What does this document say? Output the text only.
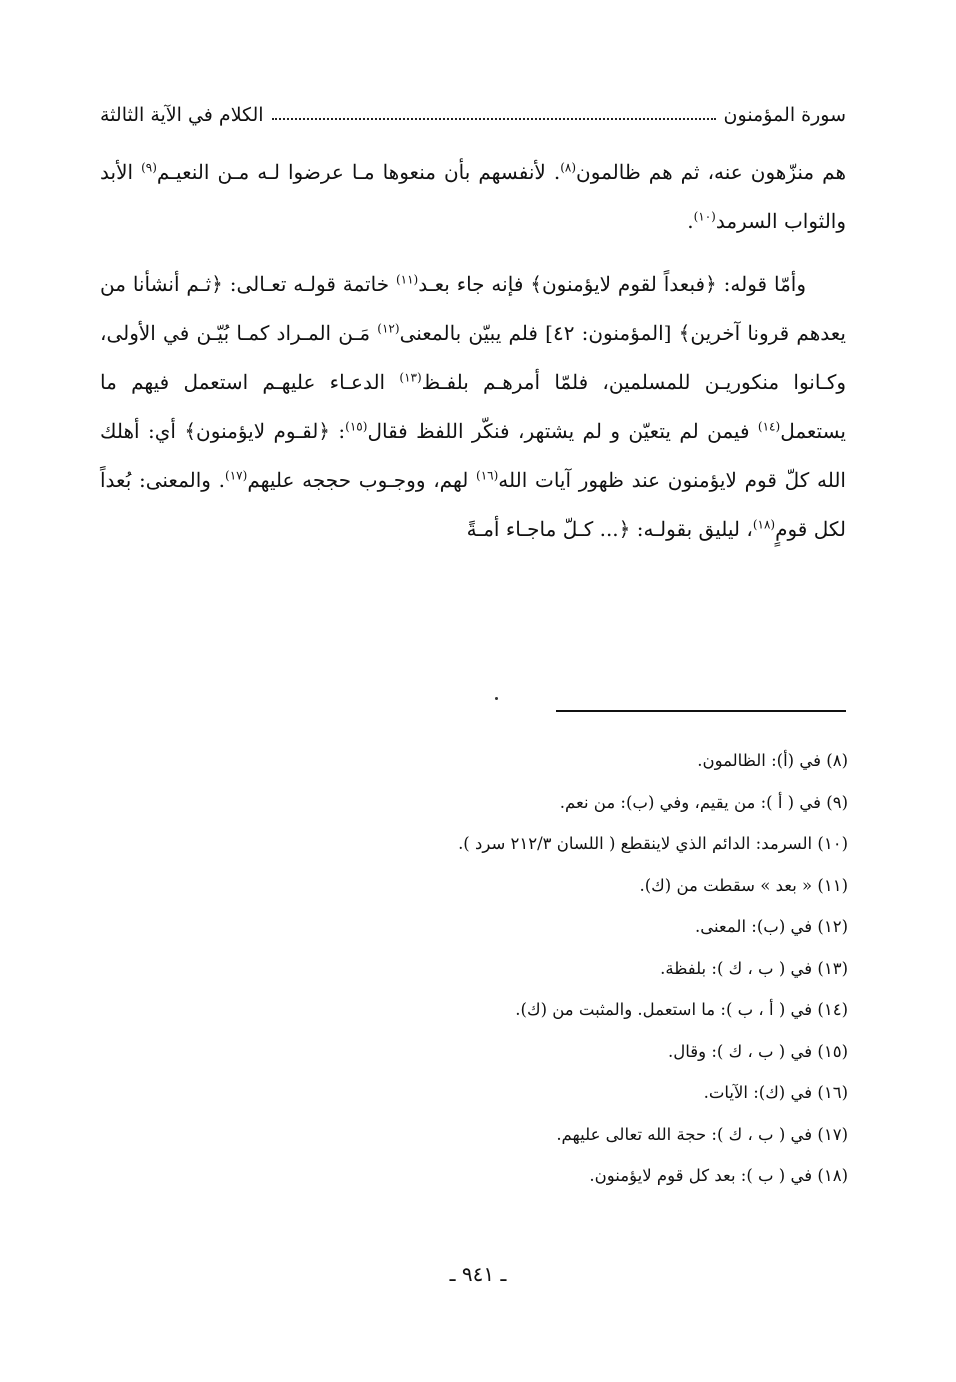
سورة المؤمنون
الكلام في الآية الثالثة

هم منزّهون عنه، ثم هم ظالمون$^{(٨)}$. لأنفسهم بأن منعوها مـا عرضوا لـه مـن النعيـم$^{(٩)}$ الأبد والثواب السرمد$^{(١٠)}$.

وأمّا قوله: ﴿فبعداً لقوم لايؤمنون﴾ فإنه جاء بعـد$^{(١١)}$ خاتمة قولـه تعـالى: ﴿ثـم أنشأنا من يعدهم قرونا آخرين﴾ [المؤمنون: ٤٢] فلم يبيّن بالمعنى$^{(١٢)}$ مَـن المـراد كمـا بُيّـن في الأولى، وكـانوا منكوريـن للمسلمين، فلمّا أمرهـم بلفـظ$^{(١٣)}$ الدعـاء عليهـم استعمل فيهم ما يستعمل$^{(١٤)}$ فيمن لم يتعيّن و لم يشتهر، فنكّر اللفظ فقال$^{(١٥)}$: ﴿لقـوم لايؤمنون﴾ أي: أهلك الله كلّ قوم لايؤمنون عند ظهور آيات الله$^{(١٦)}$ لهم، ووجـوب حججه عليهم$^{(١٧)}$. والمعنى: بُعداً لكل قومٍ$^{(١٨)}$، ليليق بقولـه: ﴿... كـلّ ماجـاء أمـةً

(٨) في (أ): الظالمون.
(٩) في ( أ ): من يقيم، وفي (ب): من نعم.
(١٠) السرمد: الدائم الذي لاينقطع ( اللسان ٢١٢/٣ سرد ).
(١١) « بعد » سقطت من (ك).
(١٢) في (ب): المعنى.
(١٣) في ( ب ، ك ): بلفظة.
(١٤) في ( أ ، ب ): ما استعمل. والمثبت من (ك).
(١٥) في ( ب ، ك ): وقال.
(١٦) في (ك): الآيات.
(١٧) في ( ب ، ك ): حجة الله تعالى عليهم.
(١٨) في ( ب ): بعد كل قوم لايؤمنون.
ـ ٩٤١ ـ
